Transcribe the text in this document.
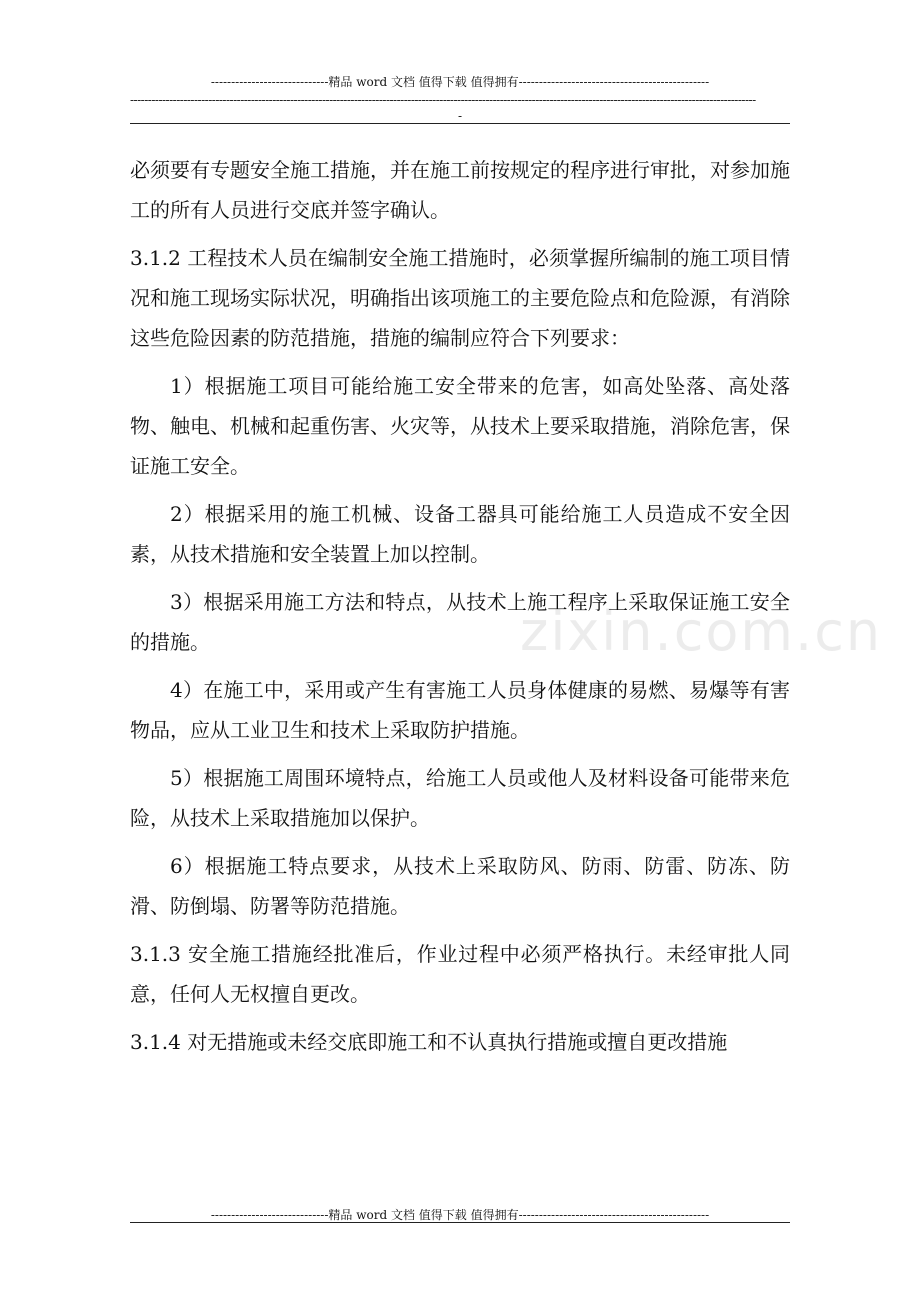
-----------------------------精品 word 文档 值得下载 值得拥有-----------------------------------------------
--------------------------------------------------------------------------------------------------------------------------------------------------------------------------------
-
zixin.com.cn

必须要有专题安全施工措施，并在施工前按规定的程序进行审批，对参加施工的所有人员进行交底并签字确认。

3.1.2 工程技术人员在编制安全施工措施时，必须掌握所编制的施工项目情况和施工现场实际状况，明确指出该项施工的主要危险点和危险源，有消除这些危险因素的防范措施，措施的编制应符合下列要求：

1）根据施工项目可能给施工安全带来的危害，如高处坠落、高处落物、触电、机械和起重伤害、火灾等，从技术上要采取措施，消除危害，保证施工安全。

2）根据采用的施工机械、设备工器具可能给施工人员造成不安全因素，从技术措施和安全装置上加以控制。

3）根据采用施工方法和特点，从技术上施工程序上采取保证施工安全的措施。

4）在施工中，采用或产生有害施工人员身体健康的易燃、易爆等有害物品，应从工业卫生和技术上采取防护措施。

5）根据施工周围环境特点，给施工人员或他人及材料设备可能带来危险，从技术上采取措施加以保护。

6）根据施工特点要求，从技术上采取防风、防雨、防雷、防冻、防滑、防倒塌、防署等防范措施。

3.1.3 安全施工措施经批准后，作业过程中必须严格执行。未经审批人同意，任何人无权擅自更改。

3.1.4 对无措施或未经交底即施工和不认真执行措施或擅自更改措施

-----------------------------精品 word 文档 值得下载 值得拥有-----------------------------------------------
